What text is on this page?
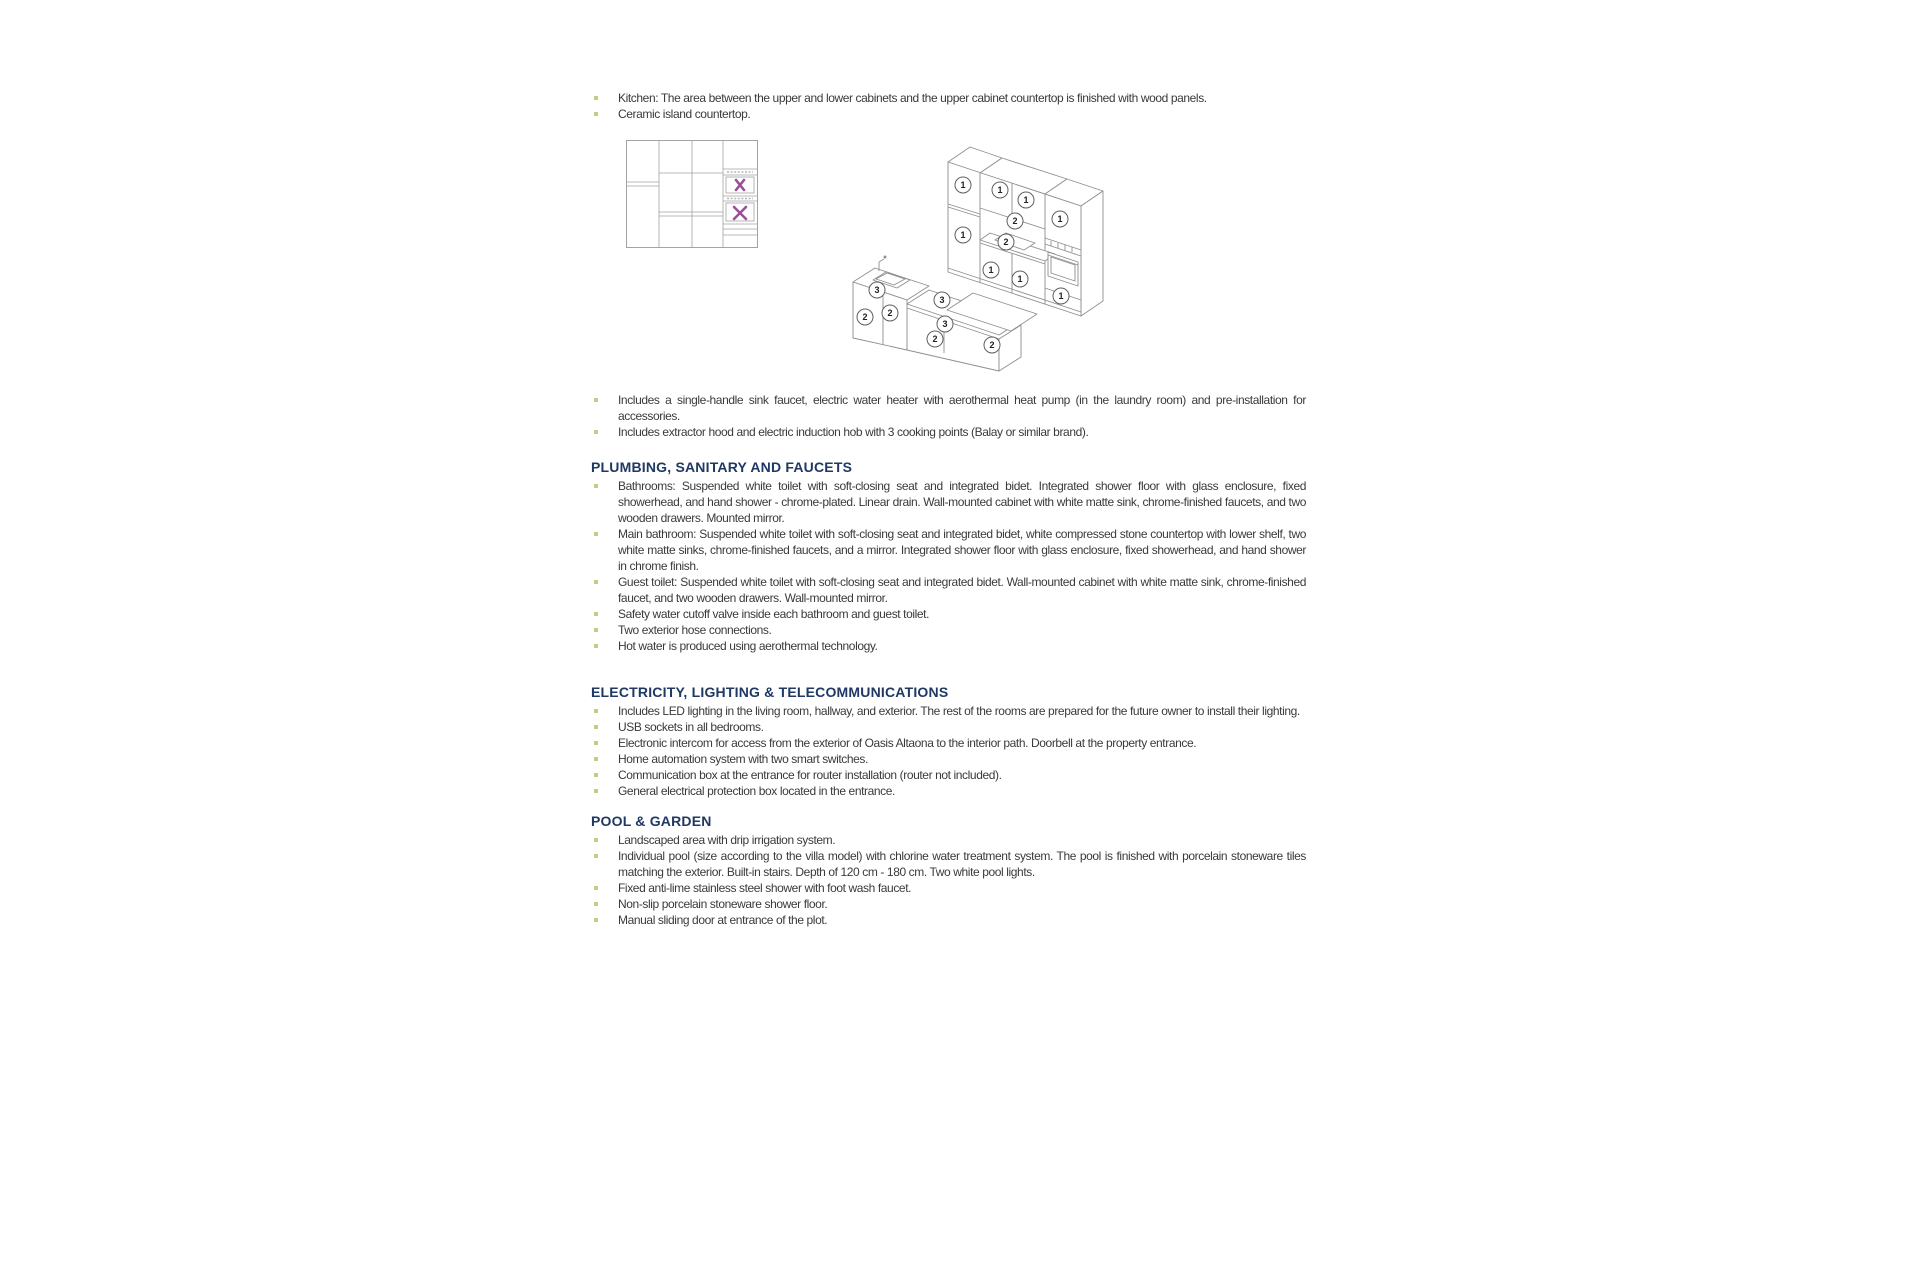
Kitchen: The area between the upper and lower cabinets and the upper cabinet countertop is finished with wood panels.
Ceramic island countertop.
1	1
1
1
1
2
2
1
1
1
3
2 2
3
3
2
2
Includes a single-handle sink faucet, electric water heater with aerothermal heat pump (in the laundry room) and pre-installation for accessories.
Includes extractor hood and electric induction hob with 3 cooking points (Balay or similar brand).
PLUMBING, SANITARY AND FAUCETS
Bathrooms: Suspended white toilet with soft-closing seat and integrated bidet. Integrated shower floor with glass enclosure, fixed showerhead, and hand shower - chrome-plated. Linear drain. Wall-mounted cabinet with white matte sink, chrome-finished faucets, and two wooden drawers. Mounted mirror.
Main bathroom: Suspended white toilet with soft-closing seat and integrated bidet, white compressed stone countertop with lower shelf, two white matte sinks, chrome-finished faucets, and a mirror. Integrated shower floor with glass enclosure, fixed showerhead, and hand shower in chrome finish.
Guest toilet: Suspended white toilet with soft-closing seat and integrated bidet. Wall-mounted cabinet with white matte sink, chrome-finished faucet, and two wooden drawers. Wall-mounted mirror.
Safety water cutoff valve inside each bathroom and guest toilet.
Two exterior hose connections.
Hot water is produced using aerothermal technology.
ELECTRICITY, LIGHTING & TELECOMMUNICATIONS
Includes LED lighting in the living room, hallway, and exterior. The rest of the rooms are prepared for the future owner to install their lighting.
USB sockets in all bedrooms.
Electronic intercom for access from the exterior of Oasis Altaona to the interior path. Doorbell at the property entrance.
Home automation system with two smart switches.
Communication box at the entrance for router installation (router not included).
General electrical protection box located in the entrance.
POOL & GARDEN
Landscaped area with drip irrigation system.
Individual pool (size according to the villa model) with chlorine water treatment system. The pool is finished with porcelain stoneware tiles matching the exterior. Built-in stairs. Depth of 120 cm - 180 cm. Two white pool lights.
Fixed anti-lime stainless steel shower with foot wash faucet.
Non-slip porcelain stoneware shower floor.
Manual sliding door at entrance of the plot.
